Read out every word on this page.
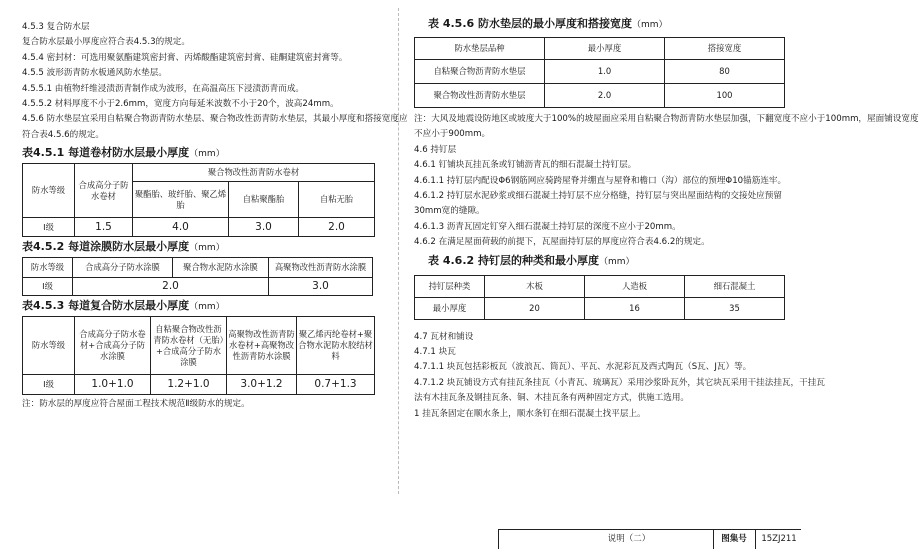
4.5.3 复合防水层

复合防水层最小厚度应符合表4.5.3的规定。

4.5.4 密封材：可选用聚氨酯建筑密封膏、丙烯酸酯建筑密封膏、硅酮建筑密封膏等。

4.5.5 波形沥青防水板通风防水垫层。

4.5.5.1 由植物纤维浸渍沥青制作成为波形，在高温高压下浸渍沥青而成。

4.5.5.2 材料厚度不小于2.6mm，宽度方向每延米波数不小于20个，波高24mm。

4.5.6 防水垫层宜采用自粘聚合物沥青防水垫层、聚合物改性沥青防水垫层，其最小厚度和搭接宽度应

符合表4.5.6的规定。

表4.5.1 每道卷材防水层最小厚度（mm）
防水等级	合成高分子防水卷材	聚合物改性沥青防水卷材		
		聚酯胎、玻纤胎、聚乙烯胎	自粘聚酯胎	自粘无胎
Ⅰ级	1.5	4.0	3.0	2.0
表4.5.2 每道涂膜防水层最小厚度（mm）
防水等级	合成高分子防水涂膜	聚合物水泥防水涂膜	高聚物改性沥青防水涂膜
Ⅰ级	2.0		3.0
表4.5.3 每道复合防水层最小厚度（mm）
防水等级	合成高分子防水卷材+合成高分子防水涂膜	自粘聚合物改性沥青防水卷材（无胎）+合成高分子防水涂膜	高聚物改性沥青防水卷材+高聚物改性沥青防水涂膜	聚乙烯丙纶卷材+聚合物水泥防水胶结材料
Ⅰ级	1.0+1.0	1.2+1.0	3.0+1.2	0.7+1.3

注：防水层的厚度应符合屋面工程技术规范Ⅱ级防水的规定。

表 4.5.6 防水垫层的最小厚度和搭接宽度（mm）
防水垫层品种	最小厚度	搭接宽度
自粘聚合物沥青防水垫层	1.0	80
聚合物改性沥青防水垫层	2.0	100

注：大风及地震设防地区或坡度大于100%的坡屋面应采用自粘聚合物沥青防水垫层加强，下翻宽度不应小于100mm，屋面铺设宽度

不应小于900mm。

4.6 持钉层

4.6.1 钉铺块瓦挂瓦条或钉铺沥青瓦的细石混凝土持钉层。

4.6.1.1 持钉层内配设Φ6钢筋网应骑跨屋脊并绷直与屋脊和檐口（沟）部位的预埋Φ10锚筋连牢。

4.6.1.2 持钉层水泥砂浆或细石混凝土持钉层不应分格缝，持钉层与突出屋面结构的交接处应预留

30mm宽的缝隙。

4.6.1.3 沥青瓦固定钉穿入细石混凝土持钉层的深度不应小于20mm。

4.6.2 在满足屋面荷载的前提下，瓦屋面持钉层的厚度应符合表4.6.2的规定。

表 4.6.2 持钉层的种类和最小厚度（mm）
持钉层种类	木板	人造板	细石混凝土
最小厚度	20	16	35

4.7 瓦材和铺设

4.7.1 块瓦

4.7.1.1 块瓦包括彩板瓦（波浪瓦、筒瓦）、平瓦、水泥彩瓦及西式陶瓦（S瓦、J瓦）等。

4.7.1.2 块瓦铺设方式有挂瓦条挂瓦（小青瓦、琉璃瓦）采用沙浆卧瓦外，其它块瓦采用干挂法挂瓦，干挂瓦

法有木挂瓦条及钢挂瓦条、铜、木挂瓦条有两种固定方式，供施工选用。

1 挂瓦条固定在顺水条上，顺水条钉在细石混凝土找平层上。

说明（二）	图集号	15ZJ211
